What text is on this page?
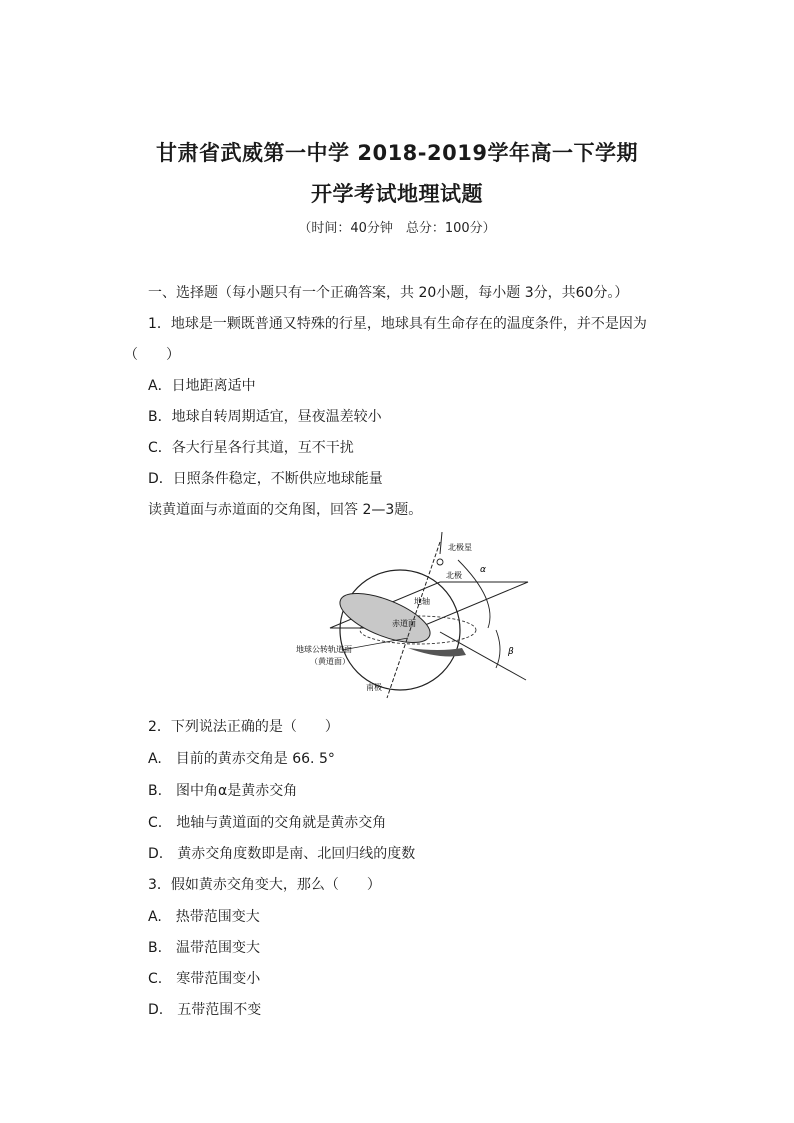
甘肃省武威第一中学 2018-2019学年高一下学期
开学考试地理试题
（时间：40分钟　总分：100分）
一、选择题（每小题只有一个正确答案，共 20小题，每小题 3分，共60分。）
1．地球是一颗既普通又特殊的行星，地球具有生命存在的温度条件，并不是因为
（　　）
A．日地距离适中
B．地球自转周期适宜，昼夜温差较小
C．各大行星各行其道，互不干扰
D．日照条件稳定，不断供应地球能量
读黄道面与赤道面的交角图，回答 2—3题。
北极星
北极
地轴
赤道面
地球公转轨道面
（黄道面）
南极
α
β
2．下列说法正确的是（　　）
A.　目前的黄赤交角是 66. 5°
B.　图中角α是黄赤交角
C.　地轴与黄道面的交角就是黄赤交角
D.　黄赤交角度数即是南、北回归线的度数
3．假如黄赤交角变大，那么（　　）
A.　热带范围变大
B.　温带范围变大
C.　寒带范围变小
D.　五带范围不变
